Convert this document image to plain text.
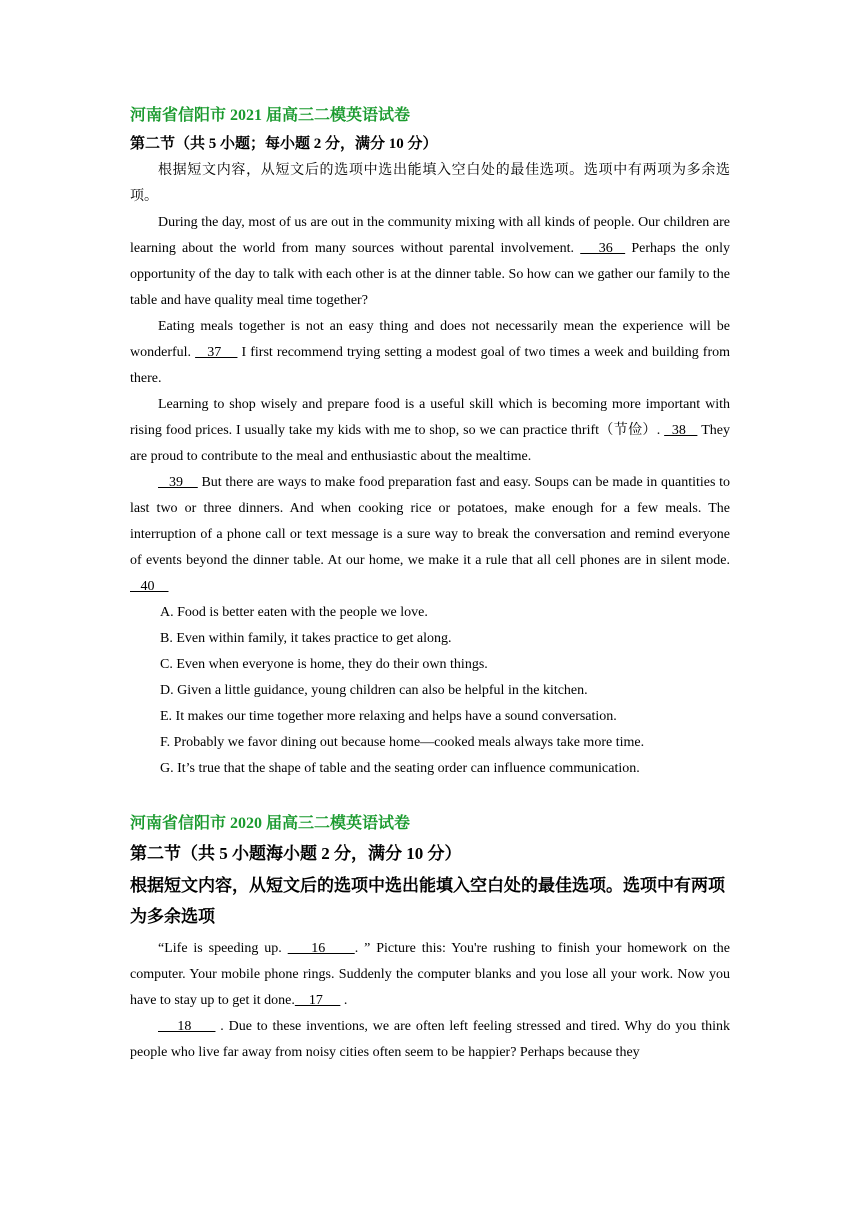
河南省信阳市 2021 届高三二模英语试卷
第二节（共 5 小题；每小题 2 分，满分 10 分）

根据短文内容，从短文后的选项中选出能填入空白处的最佳选项。选项中有两项为多余选项。

During the day, most of us are out in the community mixing with all kinds of people. Our children are learning about the world from many sources without parental involvement.    36   Perhaps the only opportunity of the day to talk with each other is at the dinner table. So how can we gather our family to the table and have quality meal time together?

Eating meals together is not an easy thing and does not necessarily mean the experience will be wonderful.    37     I first recommend trying setting a modest goal of two times a week and building from there.

Learning to shop wisely and prepare food is a useful skill which is becoming more important with rising food prices. I usually take my kids with me to shop, so we can practice thrift（节俭）.   38    They are proud to contribute to the meal and enthusiastic about the mealtime.

39     But there are ways to make food preparation fast and easy. Soups can be made in quantities to last two or three dinners. And when cooking rice or potatoes, make enough for a few meals. The interruption of a phone call or text message is a sure way to break the conversation and remind everyone of events beyond the dinner table. At our home, we make it a rule that all cell phones are in silent mode.    40

A. Food is better eaten with the people we love.

B. Even within family, it takes practice to get along.

C. Even when everyone is home, they do their own things.

D. Given a little guidance, young children can also be helpful in the kitchen.

E. It makes our time together more relaxing and helps have a sound conversation.

F. Probably we favor dining out because home—cooked meals always take more time.

G. It’s true that the shape of table and the seating order can influence communication.

河南省信阳市 2020 届高三二模英语试卷
第二节（共 5 小题海小题 2 分，满分 10 分）
根据短文内容，从短文后的选项中选出能填入空白处的最佳选项。选项中有两项为多余选项

“Life is speeding up.     16     . ” Picture this: You're rushing to finish your homework on the computer. Your mobile phone rings. Suddenly the computer blanks and you lose all your work. Now you have to stay up to get it done.    17      .

18      . Due to these inventions, we are often left feeling stressed and tired. Why do you think people who live far away from noisy cities often seem to be happier? Perhaps because they
